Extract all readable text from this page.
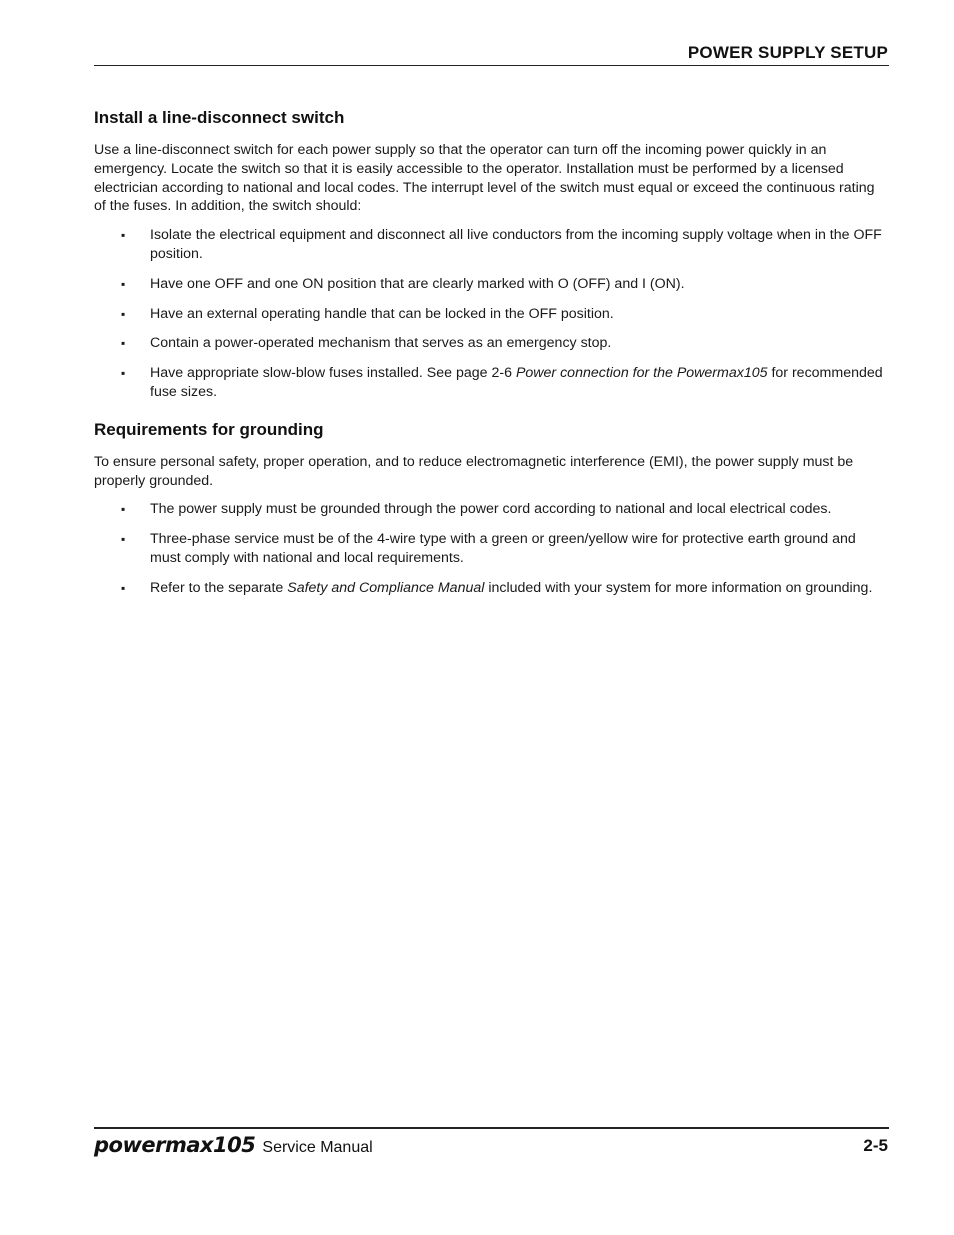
POWER SUPPLY SETUP
Install a line-disconnect switch

Use a line-disconnect switch for each power supply so that the operator can turn off the incoming power quickly in an emergency. Locate the switch so that it is easily accessible to the operator. Installation must be performed by a licensed electrician according to national and local codes. The interrupt level of the switch must equal or exceed the continuous rating of the fuses. In addition, the switch should:

▪ Isolate the electrical equipment and disconnect all live conductors from the incoming supply voltage when in the OFF position.
▪ Have one OFF and one ON position that are clearly marked with O (OFF) and I (ON).
▪ Have an external operating handle that can be locked in the OFF position.
▪ Contain a power-operated mechanism that serves as an emergency stop.
▪ Have appropriate slow-blow fuses installed. See page 2-6 Power connection for the Powermax105 for recommended fuse sizes.
Requirements for grounding

To ensure personal safety, proper operation, and to reduce electromagnetic interference (EMI), the power supply must be properly grounded.

▪ The power supply must be grounded through the power cord according to national and local electrical codes.
▪ Three-phase service must be of the 4-wire type with a green or green/yellow wire for protective earth ground and must comply with national and local requirements.
▪ Refer to the separate Safety and Compliance Manual included with your system for more information on grounding.
powermax105 Service Manual	2-5
